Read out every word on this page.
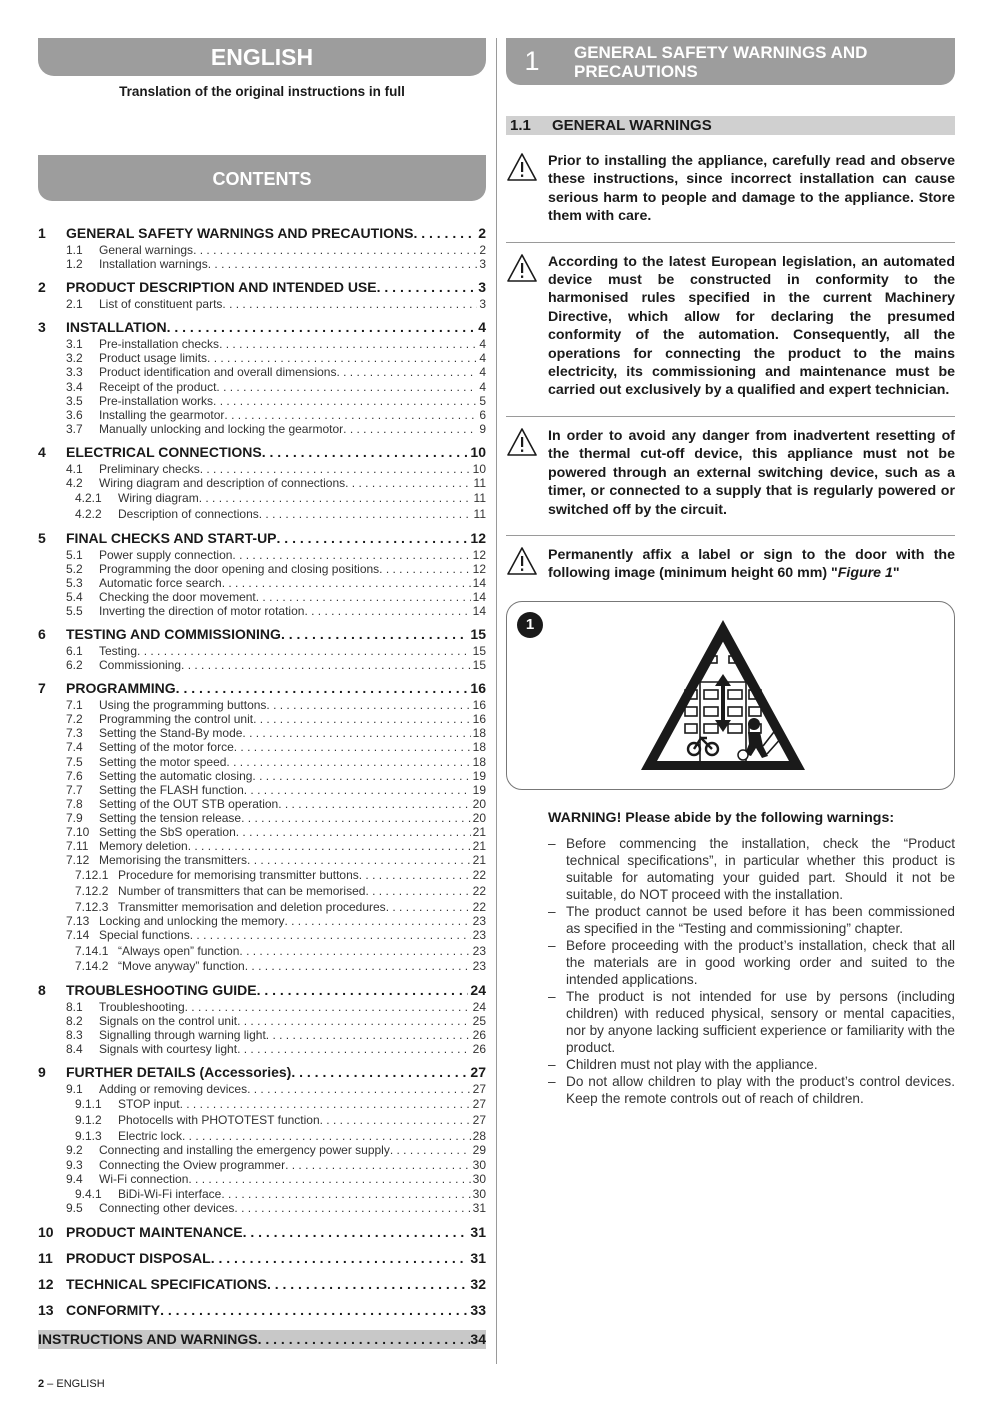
ENGLISH
Translation of the original instructions in full
CONTENTS
1	GENERAL SAFETY WARNINGS AND PRECAUTIONS . . .	2
1.1	General warnings . . .	2
1.2	Installation warnings . . .	3
2	PRODUCT DESCRIPTION AND INTENDED USE . . .	3
2.1	List of constituent parts . . .	3
3	INSTALLATION . . .	4
3.1	Pre-installation checks . . .	4
3.2	Product usage limits . . .	4
3.3	Product identification and overall dimensions . . .	4
3.4	Receipt of the product . . .	4
3.5	Pre-installation works . . .	5
3.6	Installing the gearmotor . . .	6
3.7	Manually unlocking and locking the gearmotor . . .	9
4	ELECTRICAL CONNECTIONS . . .	10
4.1	Preliminary checks . . .	10
4.2	Wiring diagram and description of connections . . .	11
4.2.1	Wiring diagram . . .	11
4.2.2	Description of connections . . .	11
5	FINAL CHECKS AND START-UP . . .	12
5.1	Power supply connection . . .	12
5.2	Programming the door opening and closing positions . . .	12
5.3	Automatic force search . . .	14
5.4	Checking the door movement . . .	14
5.5	Inverting the direction of motor rotation . . .	14
6	TESTING AND COMMISSIONING . . .	15
6.1	Testing . . .	15
6.2	Commissioning . . .	15
7	PROGRAMMING . . .	16
7.1	Using the programming buttons . . .	16
7.2	Programming the control unit . . .	16
7.3	Setting the Stand-By mode . . .	18
7.4	Setting of the motor force . . .	18
7.5	Setting the motor speed . . .	18
7.6	Setting the automatic closing . . .	19
7.7	Setting the FLASH function . . .	19
7.8	Setting of the OUT STB operation . . .	20
7.9	Setting the tension release . . .	20
7.10 Setting the SbS operation . . .	21
7.11 Memory deletion . . .	21
7.12 Memorising the transmitters . . .	21
7.12.1 Procedure for memorising transmitter buttons . . .	22
7.12.2 Number of transmitters that can be memorised . . .	22
7.12.3 Transmitter memorisation and deletion procedures . . .	22
7.13 Locking and unlocking the memory . . .	23
7.14 Special functions . . .	23
7.14.1 “Always open” function . . .	23
7.14.2 “Move anyway” function . . .	23
8	TROUBLESHOOTING GUIDE . . .	24
8.1	Troubleshooting . . .	24
8.2	Signals on the control unit . . .	25
8.3	Signalling through warning light . . .	26
8.4	Signals with courtesy light . . .	26
9	FURTHER DETAILS (Accessories) . . .	27
9.1	Adding or removing devices . . .	27
9.1.1	STOP input . . .	27
9.1.2	Photocells with PHOTOTEST function . . .	27
9.1.3	Electric lock . . .	28
9.2	Connecting and installing the emergency power supply . . .	29
9.3	Connecting the Oview programmer . . .	30
9.4	Wi-Fi connection . . .	30
9.4.1	BiDi-Wi-Fi interface . . .	30
9.5	Connecting other devices . . .	31
10 PRODUCT MAINTENANCE . . .	31
11 PRODUCT DISPOSAL . . .	31
12 TECHNICAL SPECIFICATIONS . . .	32
13 CONFORMITY . . .	33
INSTRUCTIONS AND WARNINGS . . .	34
1	GENERAL SAFETY WARNINGS AND PRECAUTIONS
1.1 GENERAL WARNINGS
Prior to installing the appliance, carefully read and observe these instructions, since incorrect installation can cause serious harm to people and damage to the appliance. Store them with care.
According to the latest European legislation, an automated device must be constructed in conformity to the harmonised rules specified in the current Machinery Directive, which allow for declaring the presumed conformity of the automation. Consequently, all the operations for connecting the product to the mains electricity, its commissioning and maintenance must be carried out exclusively by a qualified and expert technician.
In order to avoid any danger from inadvertent resetting of the thermal cut-off device, this appliance must not be powered through an external switching device, such as a timer, or connected to a supply that is regularly powered or switched off by the circuit.
Permanently affix a label or sign to the door with the following image (minimum height 60 mm) "Figure 1"
1
WARNING! Please abide by the following warnings:
– Before commencing the installation, check the “Product technical specifications”, in particular whether this product is suitable for automating your guided part. Should it not be suitable, do NOT proceed with the installation.
– The product cannot be used before it has been commissioned as specified in the “Testing and commissioning” chapter.
– Before proceeding with the product’s installation, check that all the materials are in good working order and suited to the intended applications.
– The product is not intended for use by persons (including children) with reduced physical, sensory or mental capacities, nor by anyone lacking sufficient experience or familiarity with the product.
– Children must not play with the appliance.
– Do not allow children to play with the product’s control devices. Keep the remote controls out of reach of children.
2 – ENGLISH
